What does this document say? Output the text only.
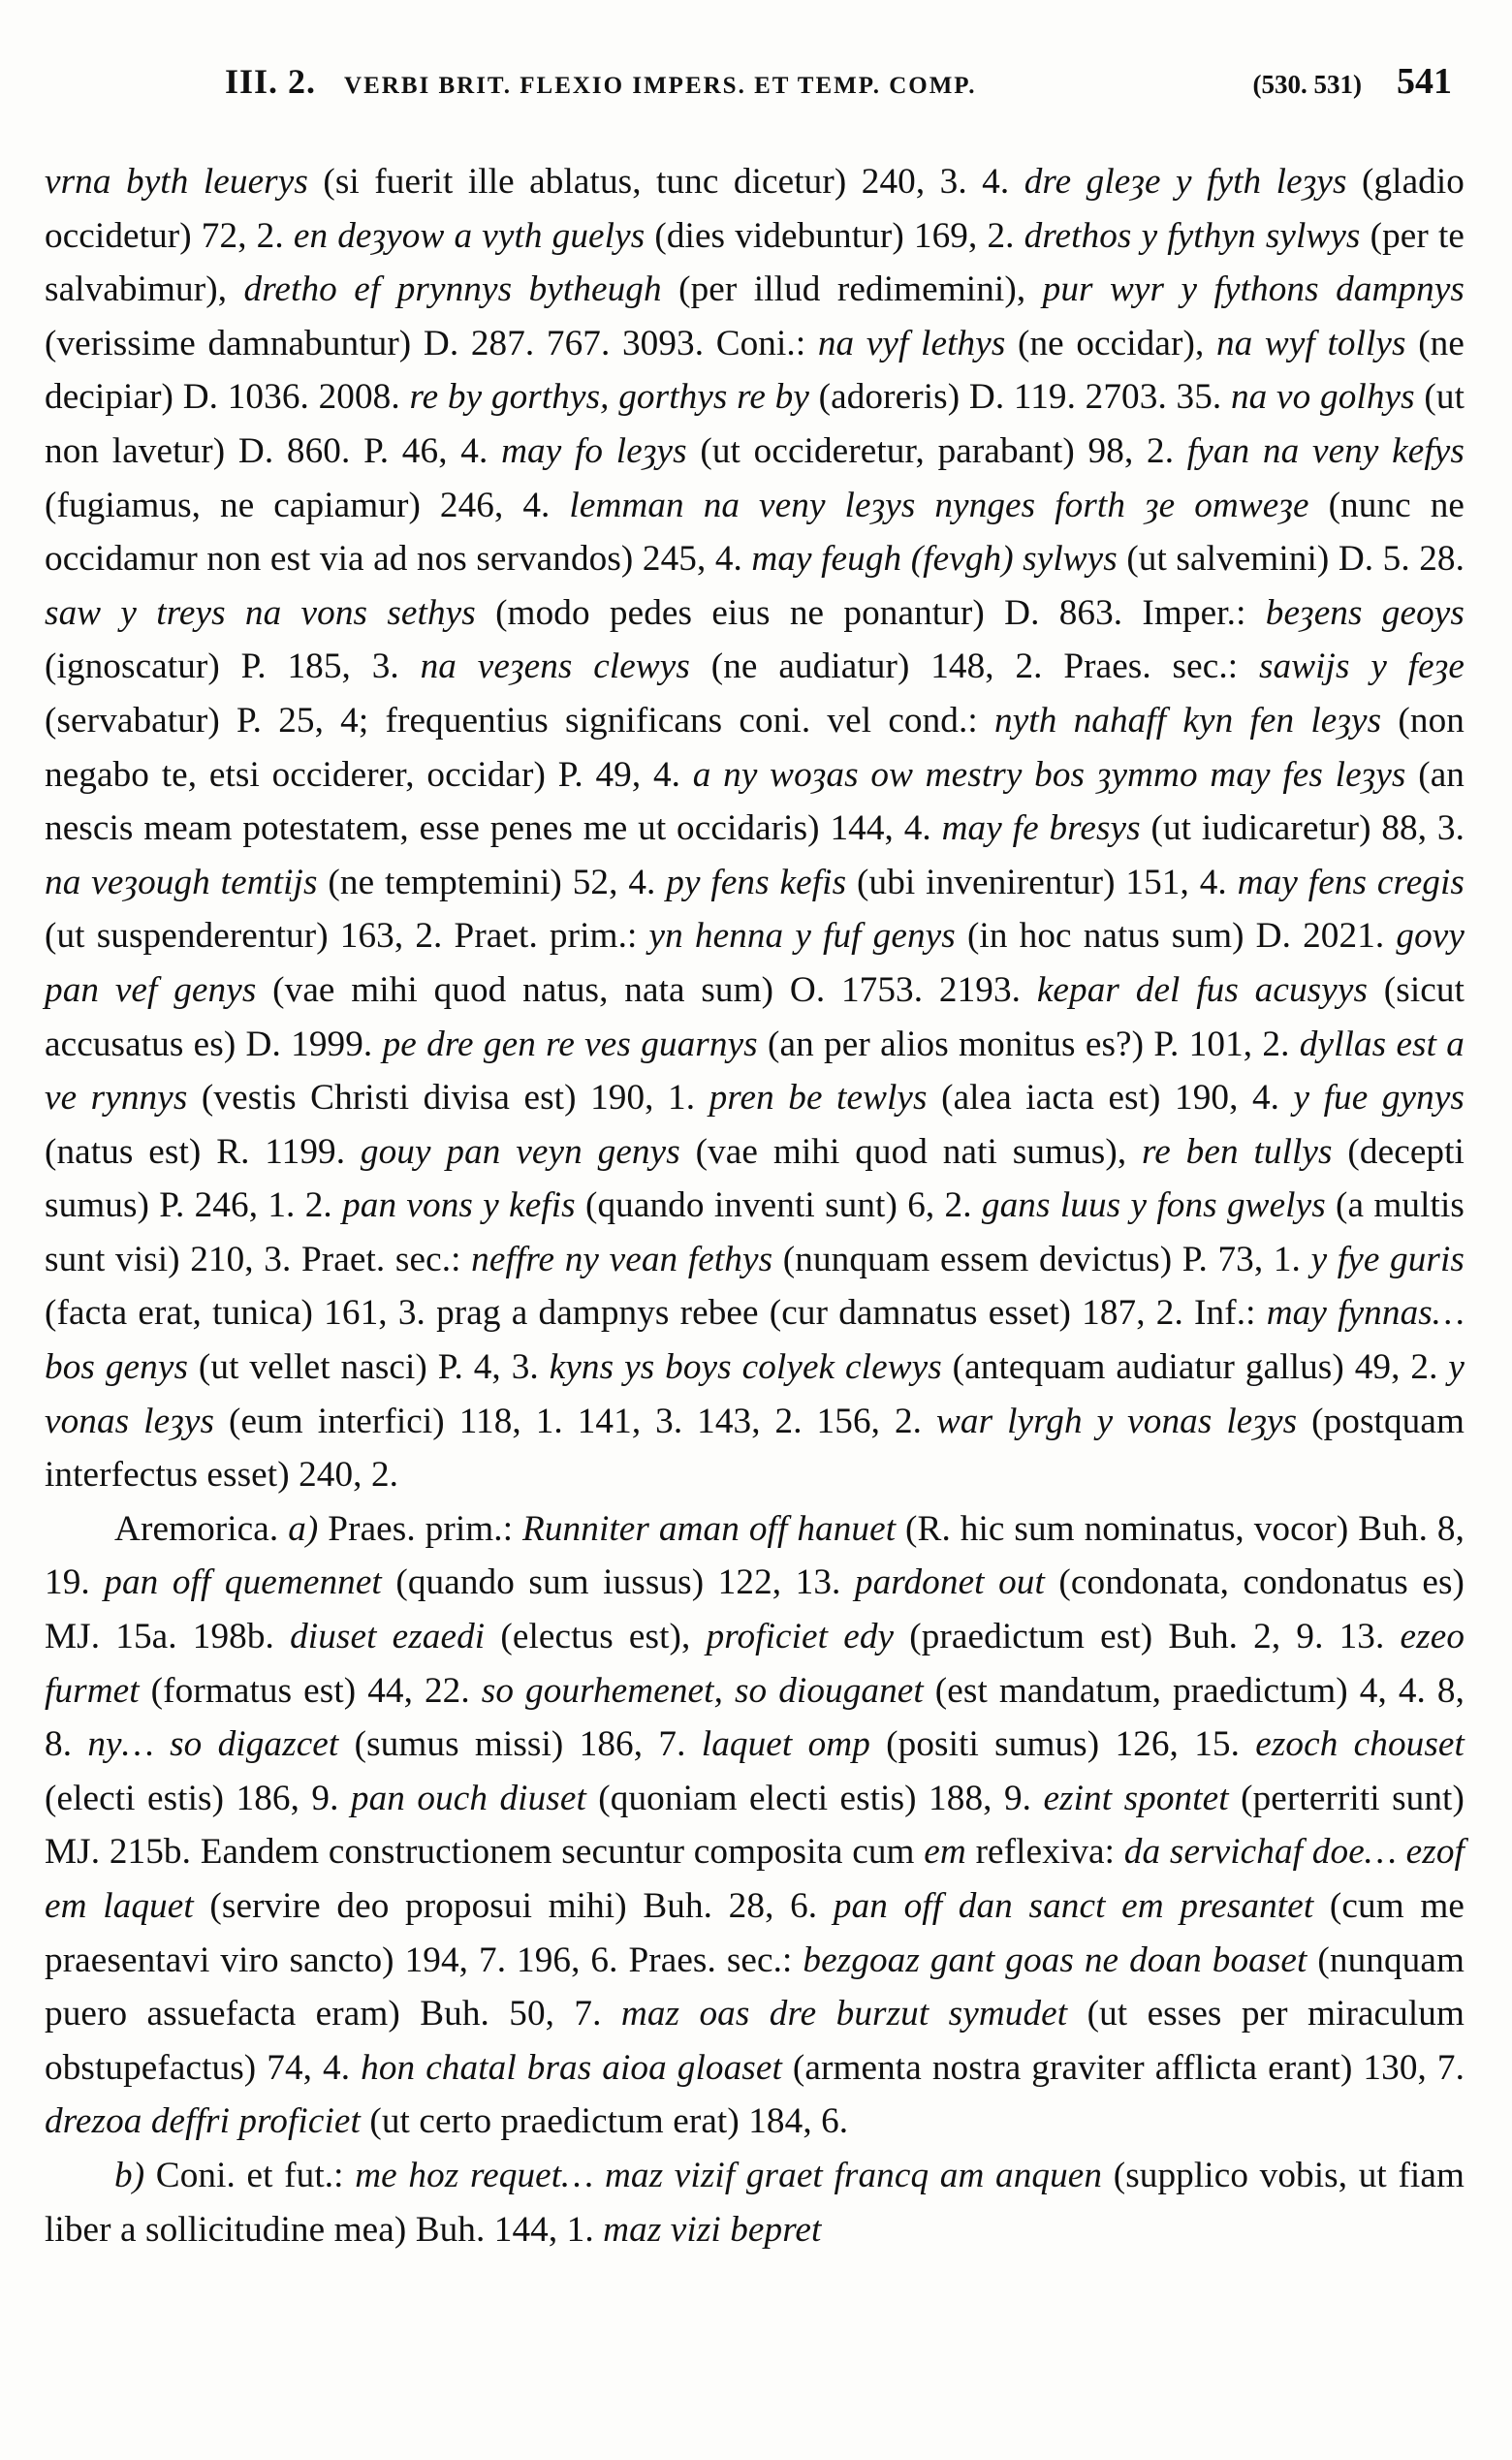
III. 2.   VERBI BRIT. FLEXIO IMPERS. ET TEMP. COMP.	(530. 531) 541

vrna byth leuerys (si fuerit ille ablatus, tunc dicetur) 240, 3. 4. dre gleȝe y fyth leȝys (gladio occidetur) 72, 2. en deȝyow a vyth guelys (dies videbuntur) 169, 2. drethos y fythyn sylwys (per te salvabimur), dretho ef prynnys bytheugh (per illud redimemini), pur wyr y fythons dampnys (verissime damnabuntur) D. 287. 767. 3093. Coni.: na vyf lethys (ne occidar), na wyf tollys (ne decipiar) D. 1036. 2008. re by gorthys, gorthys re by (adoreris) D. 119. 2703. 35. na vo golhys (ut non lavetur) D. 860. P. 46, 4. may fo leȝys (ut occideretur, parabant) 98, 2. fyan na veny kefys (fugiamus, ne capiamur) 246, 4. lemman na veny leȝys nynges forth ȝe omweȝe (nunc ne occidamur non est via ad nos servandos) 245, 4. may feugh (fevgh) sylwys (ut salvemini) D. 5. 28. saw y treys na vons sethys (modo pedes eius ne ponantur) D. 863. Imper.: beȝens geoys (ignoscatur) P. 185, 3. na veȝens clewys (ne audiatur) 148, 2. Praes. sec.: sawijs y feȝe (servabatur) P. 25, 4; frequentius significans coni. vel cond.: nyth nahaff kyn fen leȝys (non negabo te, etsi occiderer, occidar) P. 49, 4. a ny woȝas ow mestry bos ȝymmo may fes leȝys (an nescis meam potestatem, esse penes me ut occidaris) 144, 4. may fe bresys (ut iudicaretur) 88, 3. na veȝough temtijs (ne temptemini) 52, 4. py fens kefis (ubi invenirentur) 151, 4. may fens cregis (ut suspenderentur) 163, 2. Praet. prim.: yn henna y fuf genys (in hoc natus sum) D. 2021. govy pan vef genys (vae mihi quod natus, nata sum) O. 1753. 2193. kepar del fus acusyys (sicut accusatus es) D. 1999. pe dre gen re ves guarnys (an per alios monitus es?) P. 101, 2. dyllas est a ve rynnys (vestis Christi divisa est) 190, 1. pren be tewlys (alea iacta est) 190, 4. y fue gynys (natus est) R. 1199. gouy pan veyn genys (vae mihi quod nati sumus), re ben tullys (decepti sumus) P. 246, 1. 2. pan vons y kefis (quando inventi sunt) 6, 2. gans luus y fons gwelys (a multis sunt visi) 210, 3. Praet. sec.: neffre ny vean fethys (nunquam essem devictus) P. 73, 1. y fye guris (facta erat, tunica) 161, 3. prag a dampnys rebee (cur damnatus esset) 187, 2. Inf.: may fynnas… bos genys (ut vellet nasci) P. 4, 3. kyns ys boys colyek clewys (antequam audiatur gallus) 49, 2. y vonas leȝys (eum interfici) 118, 1. 141, 3. 143, 2. 156, 2. war lyrgh y vonas leȝys (postquam interfectus esset) 240, 2.

Aremorica. a) Praes. prim.: Runniter aman off hanuet (R. hic sum nominatus, vocor) Buh. 8, 19. pan off quemennet (quando sum iussus) 122, 13. pardonet out (condonata, condonatus es) MJ. 15a. 198b. diuset ezaedi (electus est), proficiet edy (praedictum est) Buh. 2, 9. 13. ezeo furmet (formatus est) 44, 22. so gourhemenet, so diouganet (est mandatum, praedictum) 4, 4. 8, 8. ny… so digazcet (sumus missi) 186, 7. laquet omp (positi sumus) 126, 15. ezoch chouset (electi estis) 186, 9. pan ouch diuset (quoniam electi estis) 188, 9. ezint spontet (perterriti sunt) MJ. 215b. Eandem constructionem secuntur composita cum em reflexiva: da servichaf doe… ezof em laquet (servire deo proposui mihi) Buh. 28, 6. pan off dan sanct em presantet (cum me praesentavi viro sancto) 194, 7. 196, 6. Praes. sec.: bezgoaz gant goas ne doan boaset (nunquam puero assuefacta eram) Buh. 50, 7. maz oas dre burzut symudet (ut esses per miraculum obstupefactus) 74, 4. hon chatal bras aioa gloaset (armenta nostra graviter afflicta erant) 130, 7. drezoa deffri proficiet (ut certo praedictum erat) 184, 6.

b) Coni. et fut.: me hoz requet… maz vizif graet francq am anquen (supplico vobis, ut fiam liber a sollicitudine mea) Buh. 144, 1. maz vizi bepret
